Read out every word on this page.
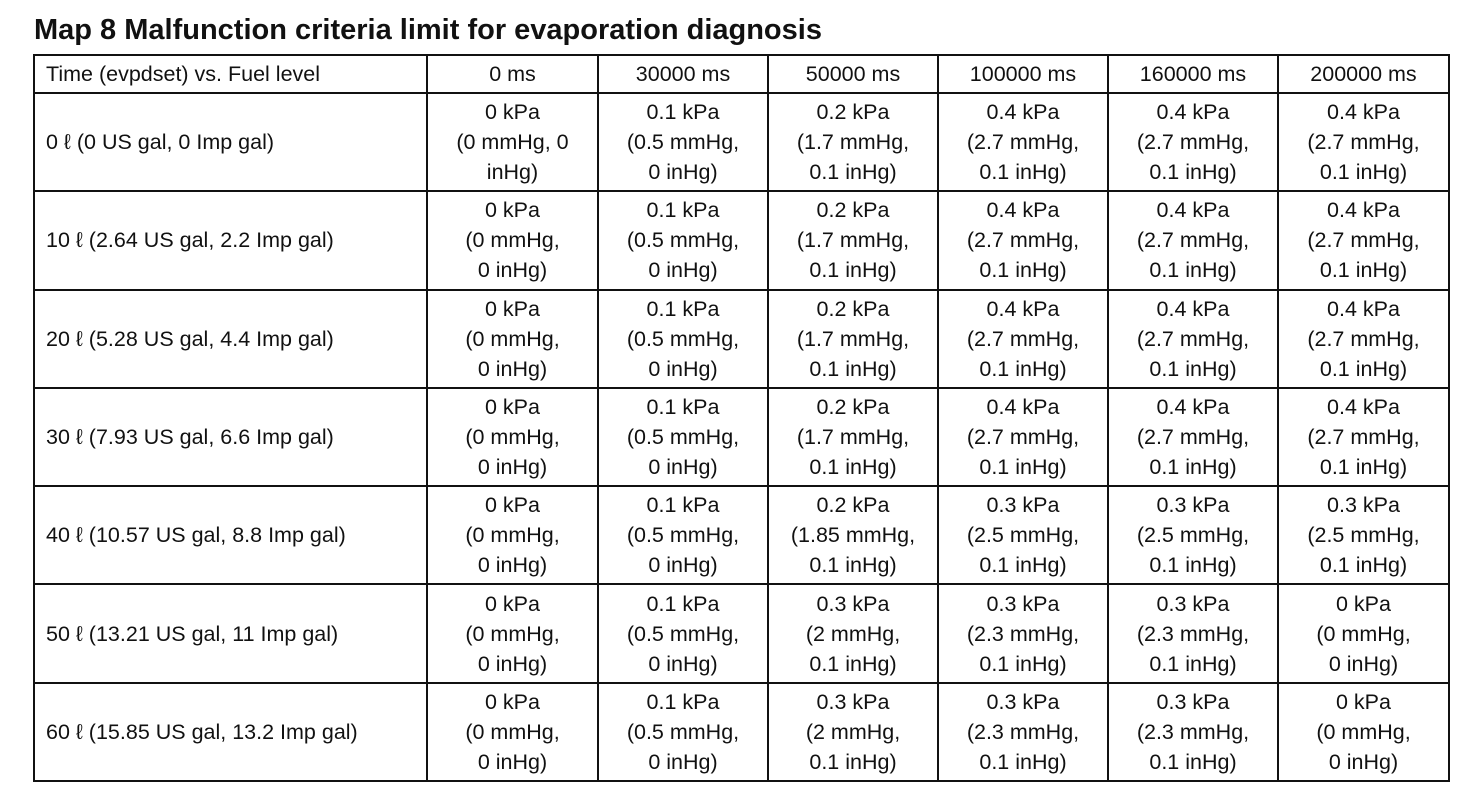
Map 8 Malfunction criteria limit for evaporation diagnosis
Time (evpdset) vs. Fuel level	0 ms	30000 ms	50000 ms	100000 ms	160000 ms	200000 ms
0 ℓ (0 US gal, 0 Imp gal)	0 kPa
(0 mmHg, 0
inHg)	0.1 kPa
(0.5 mmHg,
0 inHg)	0.2 kPa
(1.7 mmHg,
0.1 inHg)	0.4 kPa
(2.7 mmHg,
0.1 inHg)	0.4 kPa
(2.7 mmHg,
0.1 inHg)	0.4 kPa
(2.7 mmHg,
0.1 inHg)

10 ℓ (2.64 US gal, 2.2 Imp gal)	0 kPa
(0 mmHg,
0 inHg)	0.1 kPa
(0.5 mmHg,
0 inHg)	0.2 kPa
(1.7 mmHg,
0.1 inHg)	0.4 kPa
(2.7 mmHg,
0.1 inHg)	0.4 kPa
(2.7 mmHg,
0.1 inHg)	0.4 kPa
(2.7 mmHg,
0.1 inHg)

20 ℓ (5.28 US gal, 4.4 Imp gal)	0 kPa
(0 mmHg,
0 inHg)	0.1 kPa
(0.5 mmHg,
0 inHg)	0.2 kPa
(1.7 mmHg,
0.1 inHg)	0.4 kPa
(2.7 mmHg,
0.1 inHg)	0.4 kPa
(2.7 mmHg,
0.1 inHg)	0.4 kPa
(2.7 mmHg,
0.1 inHg)

30 ℓ (7.93 US gal, 6.6 Imp gal)	0 kPa
(0 mmHg,
0 inHg)	0.1 kPa
(0.5 mmHg,
0 inHg)	0.2 kPa
(1.7 mmHg,
0.1 inHg)	0.4 kPa
(2.7 mmHg,
0.1 inHg)	0.4 kPa
(2.7 mmHg,
0.1 inHg)	0.4 kPa
(2.7 mmHg,
0.1 inHg)

40 ℓ (10.57 US gal, 8.8 Imp gal)	0 kPa
(0 mmHg,
0 inHg)	0.1 kPa
(0.5 mmHg,
0 inHg)	0.2 kPa
(1.85 mmHg,
0.1 inHg)	0.3 kPa
(2.5 mmHg,
0.1 inHg)	0.3 kPa
(2.5 mmHg,
0.1 inHg)	0.3 kPa
(2.5 mmHg,
0.1 inHg)

50 ℓ (13.21 US gal, 11 Imp gal)	0 kPa
(0 mmHg,
0 inHg)	0.1 kPa
(0.5 mmHg,
0 inHg)	0.3 kPa
(2 mmHg,
0.1 inHg)	0.3 kPa
(2.3 mmHg,
0.1 inHg)	0.3 kPa
(2.3 mmHg,
0.1 inHg)	0 kPa
(0 mmHg,
0 inHg)

60 ℓ (15.85 US gal, 13.2 Imp gal)	0 kPa
(0 mmHg,
0 inHg)	0.1 kPa
(0.5 mmHg,
0 inHg)	0.3 kPa
(2 mmHg,
0.1 inHg)	0.3 kPa
(2.3 mmHg,
0.1 inHg)	0.3 kPa
(2.3 mmHg,
0.1 inHg)	0 kPa
(0 mmHg,
0 inHg)
